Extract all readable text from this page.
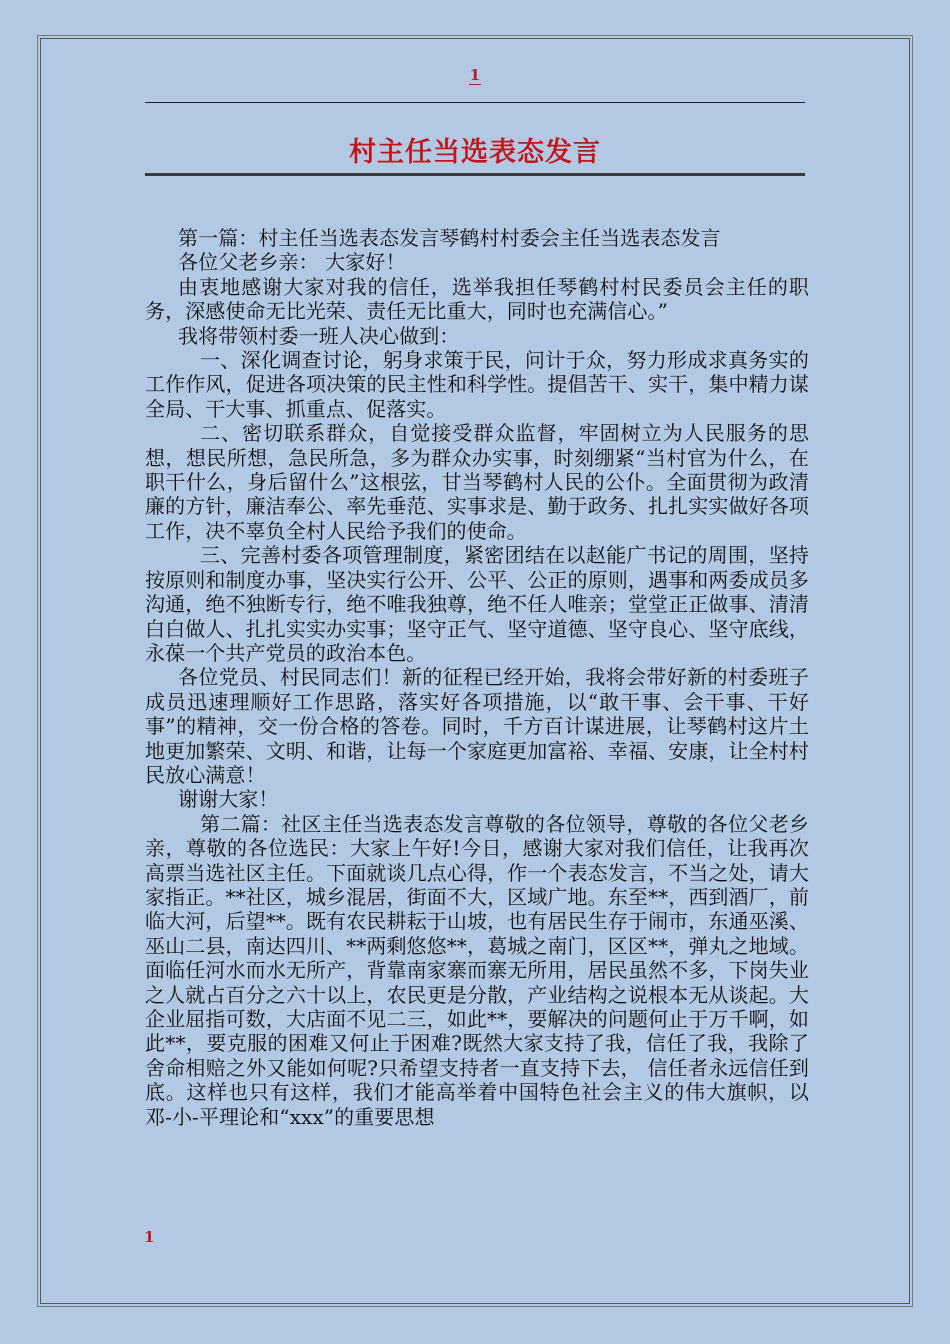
1
村主任当选表态发言

第一篇：村主任当选表态发言琴鹤村村委会主任当选表态发言

各位父老乡亲： 大家好！

由衷地感谢大家对我的信任，选举我担任琴鹤村村民委员会主任的职务，深感使命无比光荣、责任无比重大，同时也充满信心。”

我将带领村委一班人决心做到：

一、深化调查讨论，躬身求策于民，问计于众，努力形成求真务实的工作作风，促进各项决策的民主性和科学性。提倡苦干、实干，集中精力谋全局、干大事、抓重点、促落实。

二、密切联系群众，自觉接受群众监督，牢固树立为人民服务的思想，想民所想，急民所急，多为群众办实事，时刻绷紧“当村官为什么，在职干什么，身后留什么”这根弦，甘当琴鹤村人民的公仆。全面贯彻为政清廉的方针，廉洁奉公、率先垂范、实事求是、勤于政务、扎扎实实做好各项工作，决不辜负全村人民给予我们的使命。

三、完善村委各项管理制度，紧密团结在以赵能广书记的周围，坚持按原则和制度办事，坚决实行公开、公平、公正的原则，遇事和两委成员多沟通，绝不独断专行，绝不唯我独尊，绝不任人唯亲；堂堂正正做事、清清白白做人、扎扎实实办实事；坚守正气、坚守道德、坚守良心、坚守底线，永葆一个共产党员的政治本色。

各位党员、村民同志们！新的征程已经开始，我将会带好新的村委班子成员迅速理顺好工作思路，落实好各项措施，以“敢干事、会干事、干好事”的精神，交一份合格的答卷。同时，千方百计谋进展，让琴鹤村这片土地更加繁荣、文明、和谐，让每一个家庭更加富裕、幸福、安康，让全村村民放心满意！

谢谢大家！

第二篇：社区主任当选表态发言尊敬的各位领导，尊敬的各位父老乡亲，尊敬的各位选民：大家上午好!今日，感谢大家对我们信任，让我再次高票当选社区主任。下面就谈几点心得，作一个表态发言，不当之处，请大家指正。**社区，城乡混居，街面不大，区域广地。东至**，西到酒厂，前临大河，后望**。既有农民耕耘于山坡，也有居民生存于闹市，东通巫溪、巫山二县，南达四川、**两剩悠悠**，葛城之南门，区区**，弹丸之地域。面临任河水而水无所产，背靠南家寨而寨无所用，居民虽然不多，下岗失业之人就占百分之六十以上，农民更是分散，产业结构之说根本无从谈起。大企业屈指可数，大店面不见二三，如此**，要解决的问题何止于万千啊，如此**，要克服的困难又何止于困难?既然大家支持了我，信任了我，我除了舍命相赔之外又能如何呢?只希望支持者一直支持下去， 信任者永远信任到底。这样也只有这样，我们才能高举着中国特色社会主义的伟大旗帜，以邓-小-平理论和“xxx”的重要思想

1
